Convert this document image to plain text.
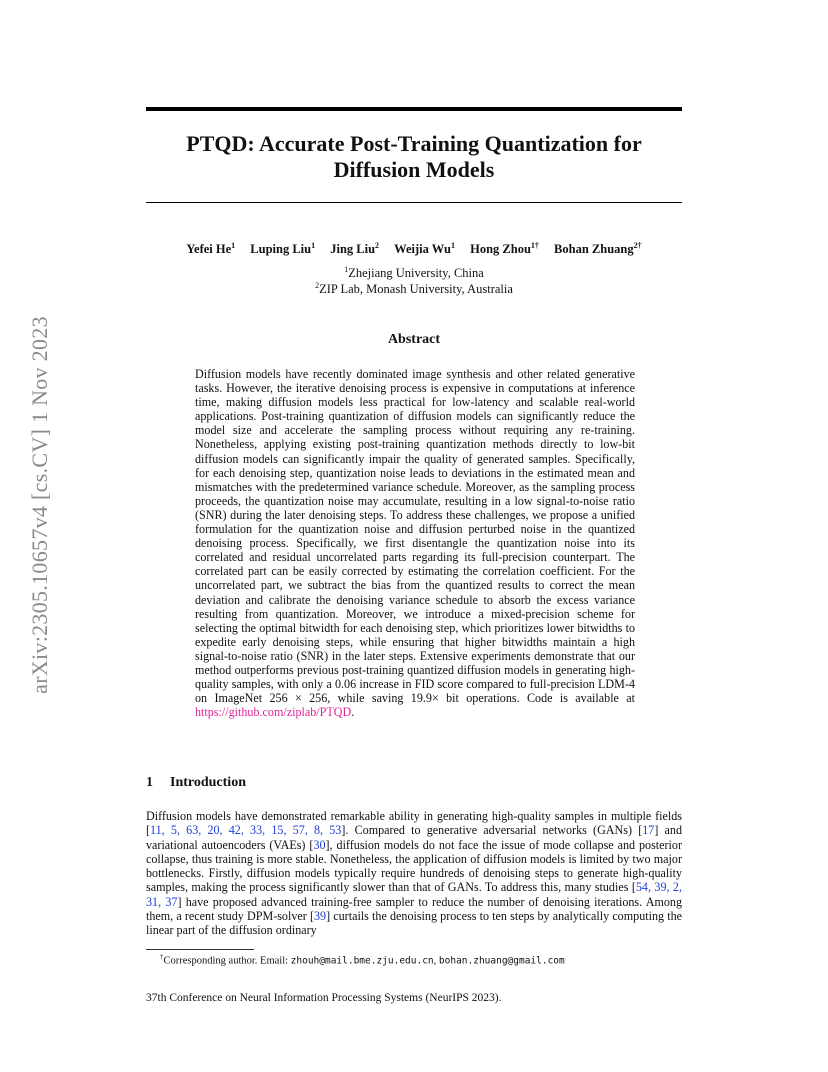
arXiv:2305.10657v4 [cs.CV] 1 Nov 2023
PTQD: Accurate Post-Training Quantization for
Diffusion Models
Yefei He$^1$ Luping Liu$^1$ Jing Liu$^2$ Weijia Wu$^1$ Hong Zhou$^{1\dagger}$ Bohan Zhuang$^{2\dagger}$
$^1$Zhejiang University, China
$^2$ZIP Lab, Monash University, Australia
Abstract
Diffusion models have recently dominated image synthesis and other related generative tasks. However, the iterative denoising process is expensive in computations at inference time, making diffusion models less practical for low-latency and scalable real-world applications. Post-training quantization of diffusion models can significantly reduce the model size and accelerate the sampling process without requiring any re-training. Nonetheless, applying existing post-training quantization methods directly to low-bit diffusion models can significantly impair the quality of generated samples. Specifically, for each denoising step, quantization noise leads to deviations in the estimated mean and mismatches with the predetermined variance schedule. Moreover, as the sampling process proceeds, the quantization noise may accumulate, resulting in a low signal-to-noise ratio (SNR) during the later denoising steps. To address these challenges, we propose a unified formulation for the quantization noise and diffusion perturbed noise in the quantized denoising process. Specifically, we first disentangle the quantization noise into its correlated and residual uncorrelated parts regarding its full-precision counterpart. The correlated part can be easily corrected by estimating the correlation coefficient. For the uncorrelated part, we subtract the bias from the quantized results to correct the mean deviation and calibrate the denoising variance schedule to absorb the excess variance resulting from quantization. Moreover, we introduce a mixed-precision scheme for selecting the optimal bitwidth for each denoising step, which prioritizes lower bitwidths to expedite early denoising steps, while ensuring that higher bitwidths maintain a high signal-to-noise ratio (SNR) in the later steps. Extensive experiments demonstrate that our method outperforms previous post-training quantized diffusion models in generating high-quality samples, with only a 0.06 increase in FID score compared to full-precision LDM-4 on ImageNet 256 × 256, while saving 19.9× bit operations. Code is available at https://github.com/ziplab/PTQD.
1 Introduction
Diffusion models have demonstrated remarkable ability in generating high-quality samples in multiple fields [11, 5, 63, 20, 42, 33, 15, 57, 8, 53]. Compared to generative adversarial networks (GANs) [17] and variational autoencoders (VAEs) [30], diffusion models do not face the issue of mode collapse and posterior collapse, thus training is more stable. Nonetheless, the application of diffusion models is limited by two major bottlenecks. Firstly, diffusion models typically require hundreds of denoising steps to generate high-quality samples, making the process significantly slower than that of GANs. To address this, many studies [54, 39, 2, 31, 37] have proposed advanced training-free sampler to reduce the number of denoising iterations. Among them, a recent study DPM-solver [39] curtails the denoising process to ten steps by analytically computing the linear part of the diffusion ordinary
†Corresponding author. Email: zhouh@mail.bme.zju.edu.cn, bohan.zhuang@gmail.com
37th Conference on Neural Information Processing Systems (NeurIPS 2023).
